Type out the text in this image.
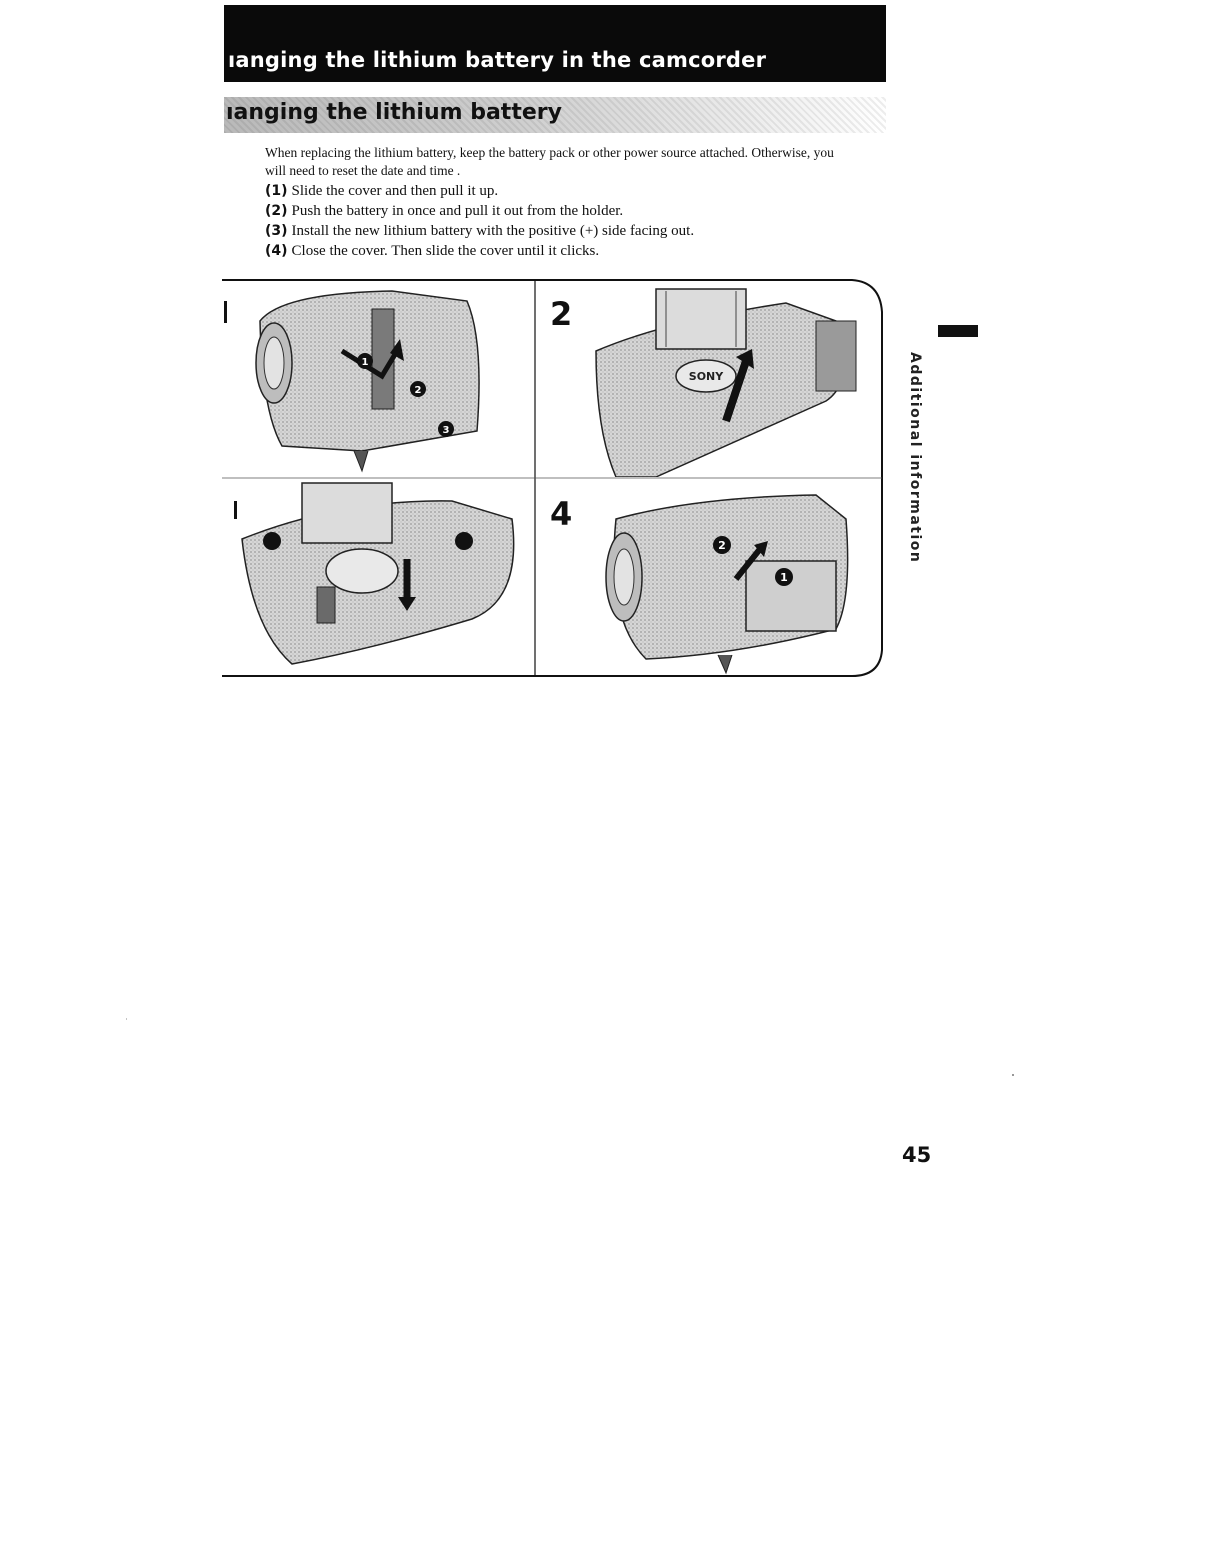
ıanging the lithium battery in the camcorder
ıanging the lithium battery

When replacing the lithium battery, keep the battery pack or other power source attached. Otherwise, you will need to reset the date and time .

(1) Slide the cover and then pull it up.
(2) Push the battery in once and pull it out from the holder.
(3) Install the new lithium battery with the positive (+) side facing out.
(4) Close the cover. Then slide the cover until it clicks.
1
2
3
2
SONY
4
2
1
Additional information
45
